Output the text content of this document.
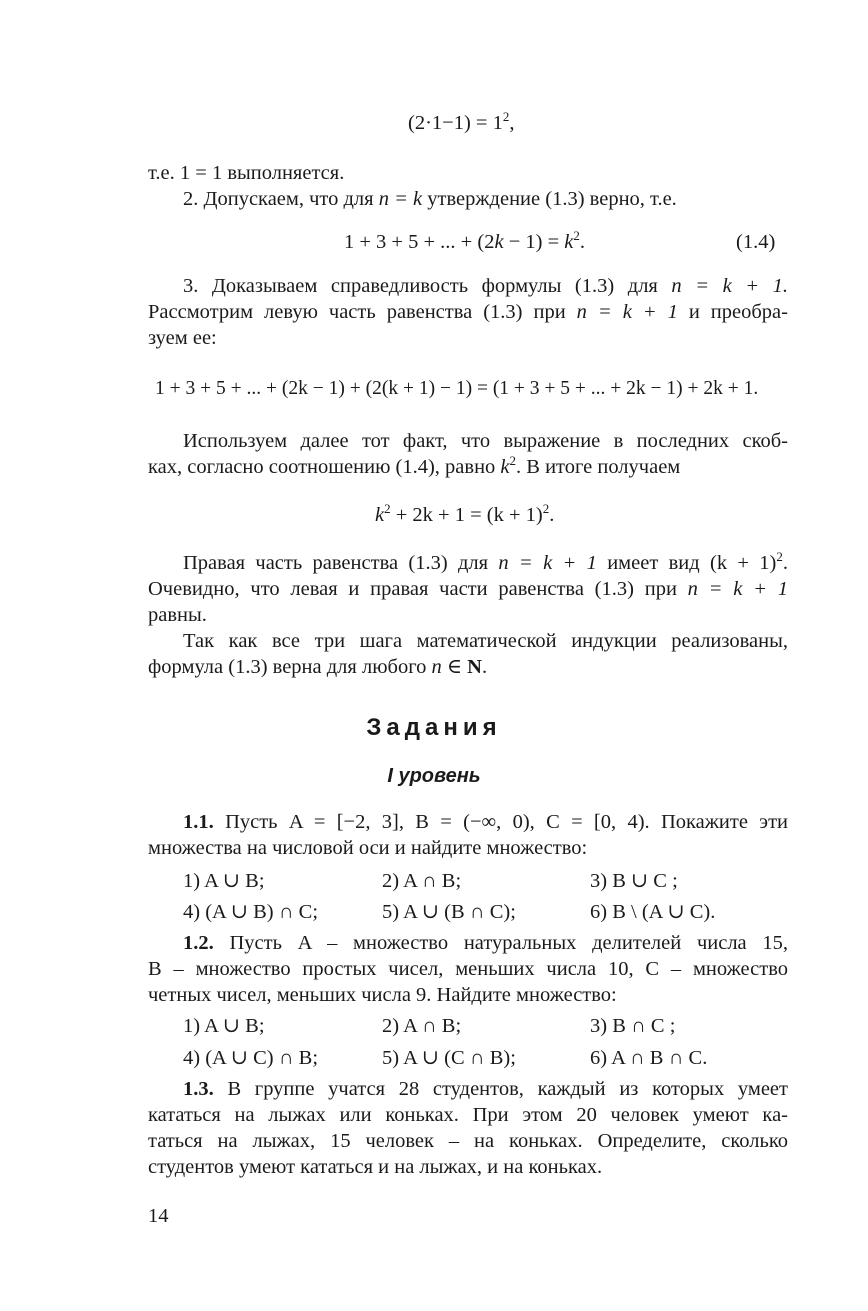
$(2\cdot 1-1) = 1^2$,
т.е. 1 = 1 выполняется.
2. Допускаем, что для n = k утверждение (1.3) верно, т.е.
1 + 3 + 5 + ... + $(2k - 1) = k^2$.	(1.4)
3. Доказываем справедливость формулы (1.3) для n = k + 1.
Рассмотрим левую часть равенства (1.3) при n = k + 1 и преобра-
зуем ее:
1 + 3 + 5 + ... + (2k − 1) + (2(k + 1) − 1) = (1 + 3 + 5 + ... + 2k − 1) + 2k + 1.
Используем далее тот факт, что выражение в последних скоб-
ках, согласно соотношению (1.4), равно $k^2$. В итоге получаем
$k^2 + 2k + 1 = (k + 1)^2$.
Правая часть равенства (1.3) для n = k + 1 имеет вид $(k + 1)^2$.
Очевидно, что левая и правая части равенства (1.3) при n = k + 1
равны.
Так как все три шага математической индукции реализованы,
формула (1.3) верна для любого n ∈ N.
Задания
I уровень
1.1. Пусть A = [−2, 3], B = (−∞, 0), C = [0, 4). Покажите эти
множества на числовой оси и найдите множество:
1) A ∪ B;	2) A ∩ B;	3) B ∪ C ;
4) (A ∪ B) ∩ C;	5) A ∪ (B ∩ C);	6) B \ (A ∪ C).
1.2. Пусть A – множество натуральных делителей числа 15,
B – множество простых чисел, меньших числа 10, C – множество
четных чисел, меньших числа 9. Найдите множество:
1) A ∪ B;	2) A ∩ B;	3) B ∩ C ;
4) (A ∪ C) ∩ B;	5) A ∪ (C ∩ B);	6) A ∩ B ∩ C.
1.3. В группе учатся 28 студентов, каждый из которых умеет
кататься на лыжах или коньках. При этом 20 человек умеют ка-
таться на лыжах, 15 человек – на коньках. Определите, сколько
студентов умеют кататься и на лыжах, и на коньках.
14
